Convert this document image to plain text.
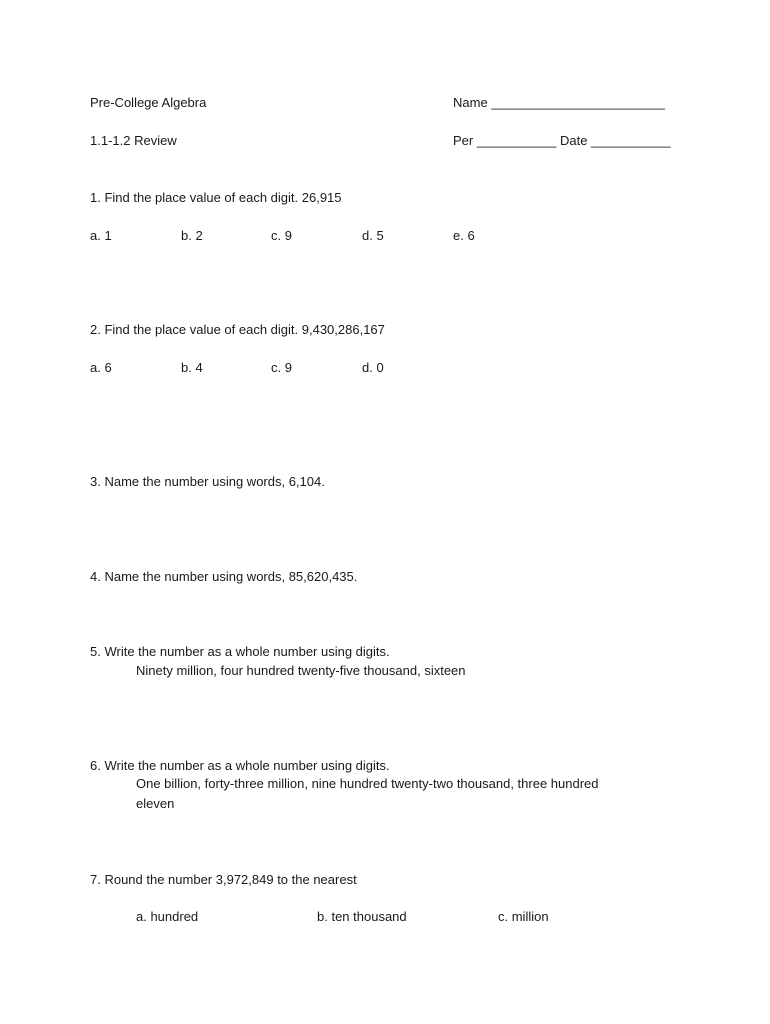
Pre-College Algebra	Name ________________________
1.1-1.2 Review	Per ___________ Date ___________
1. Find the place value of each digit. 26,915
a. 1	b. 2	c. 9	d. 5	e. 6
2. Find the place value of each digit. 9,430,286,167
a. 6	b. 4	c. 9	d. 0
3. Name the number using words, 6,104.
4. Name the number using words, 85,620,435.
5. Write the number as a whole number using digits.
Ninety million, four hundred twenty-five thousand, sixteen
6. Write the number as a whole number using digits.
One billion, forty-three million, nine hundred twenty-two thousand, three hundred
eleven
7. Round the number 3,972,849 to the nearest
a. hundred	b. ten thousand	c. million
